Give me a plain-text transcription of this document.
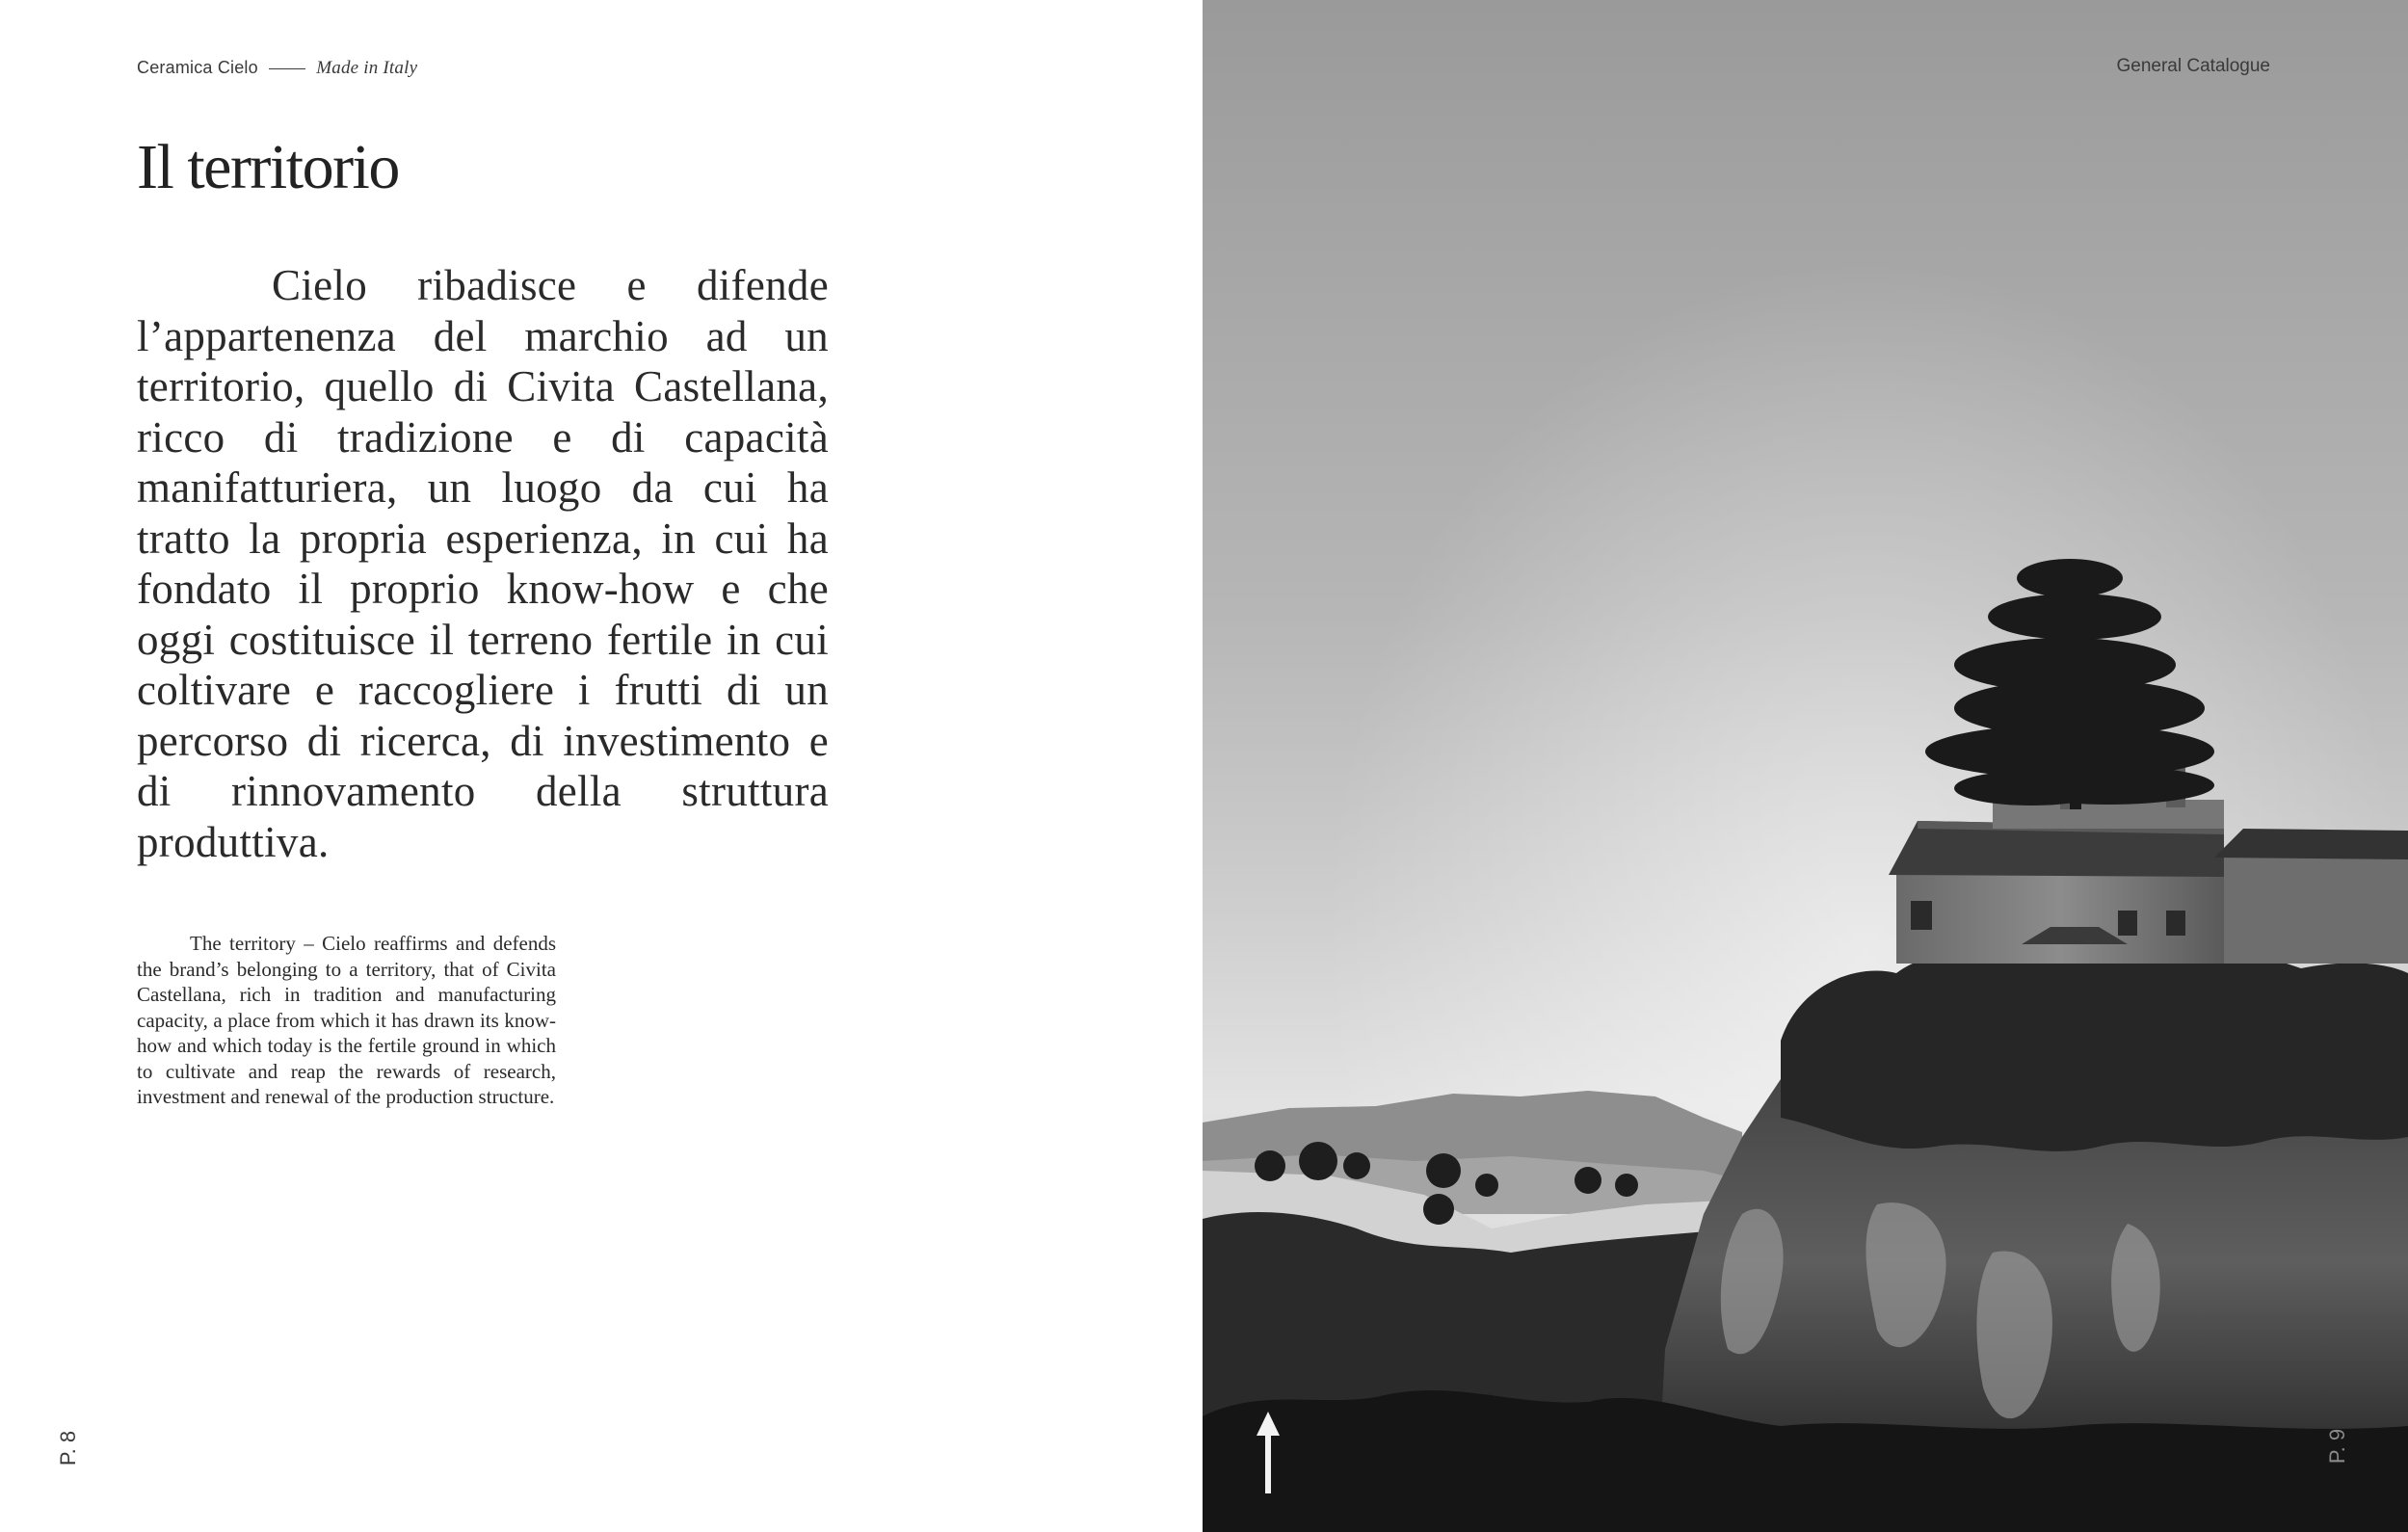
Ceramica Cielo	Made in Italy
Il territorio

Cielo ribadisce e difende l’appartenenza del marchio ad un territorio, quello di Civita Castellana, ricco di tradizione e di capacità manifatturiera, un luogo da cui ha tratto la propria esperienza, in cui ha fondato il proprio know-how e che oggi costituisce il terreno fertile in cui coltivare e raccogliere i frutti di un percorso di ricerca, di investimento e di rinnovamento della struttura produttiva.

The territory – Cielo reaffirms and defends the brand’s belonging to a territory, that of Civita Castellana, rich in tradition and manufacturing capacity, a place from which it has drawn its know-how and which today is the fertile ground in which to cultivate and reap the rewards of research, investment and renewal of the production structure.

P. 8
General Catalogue
P. 9
